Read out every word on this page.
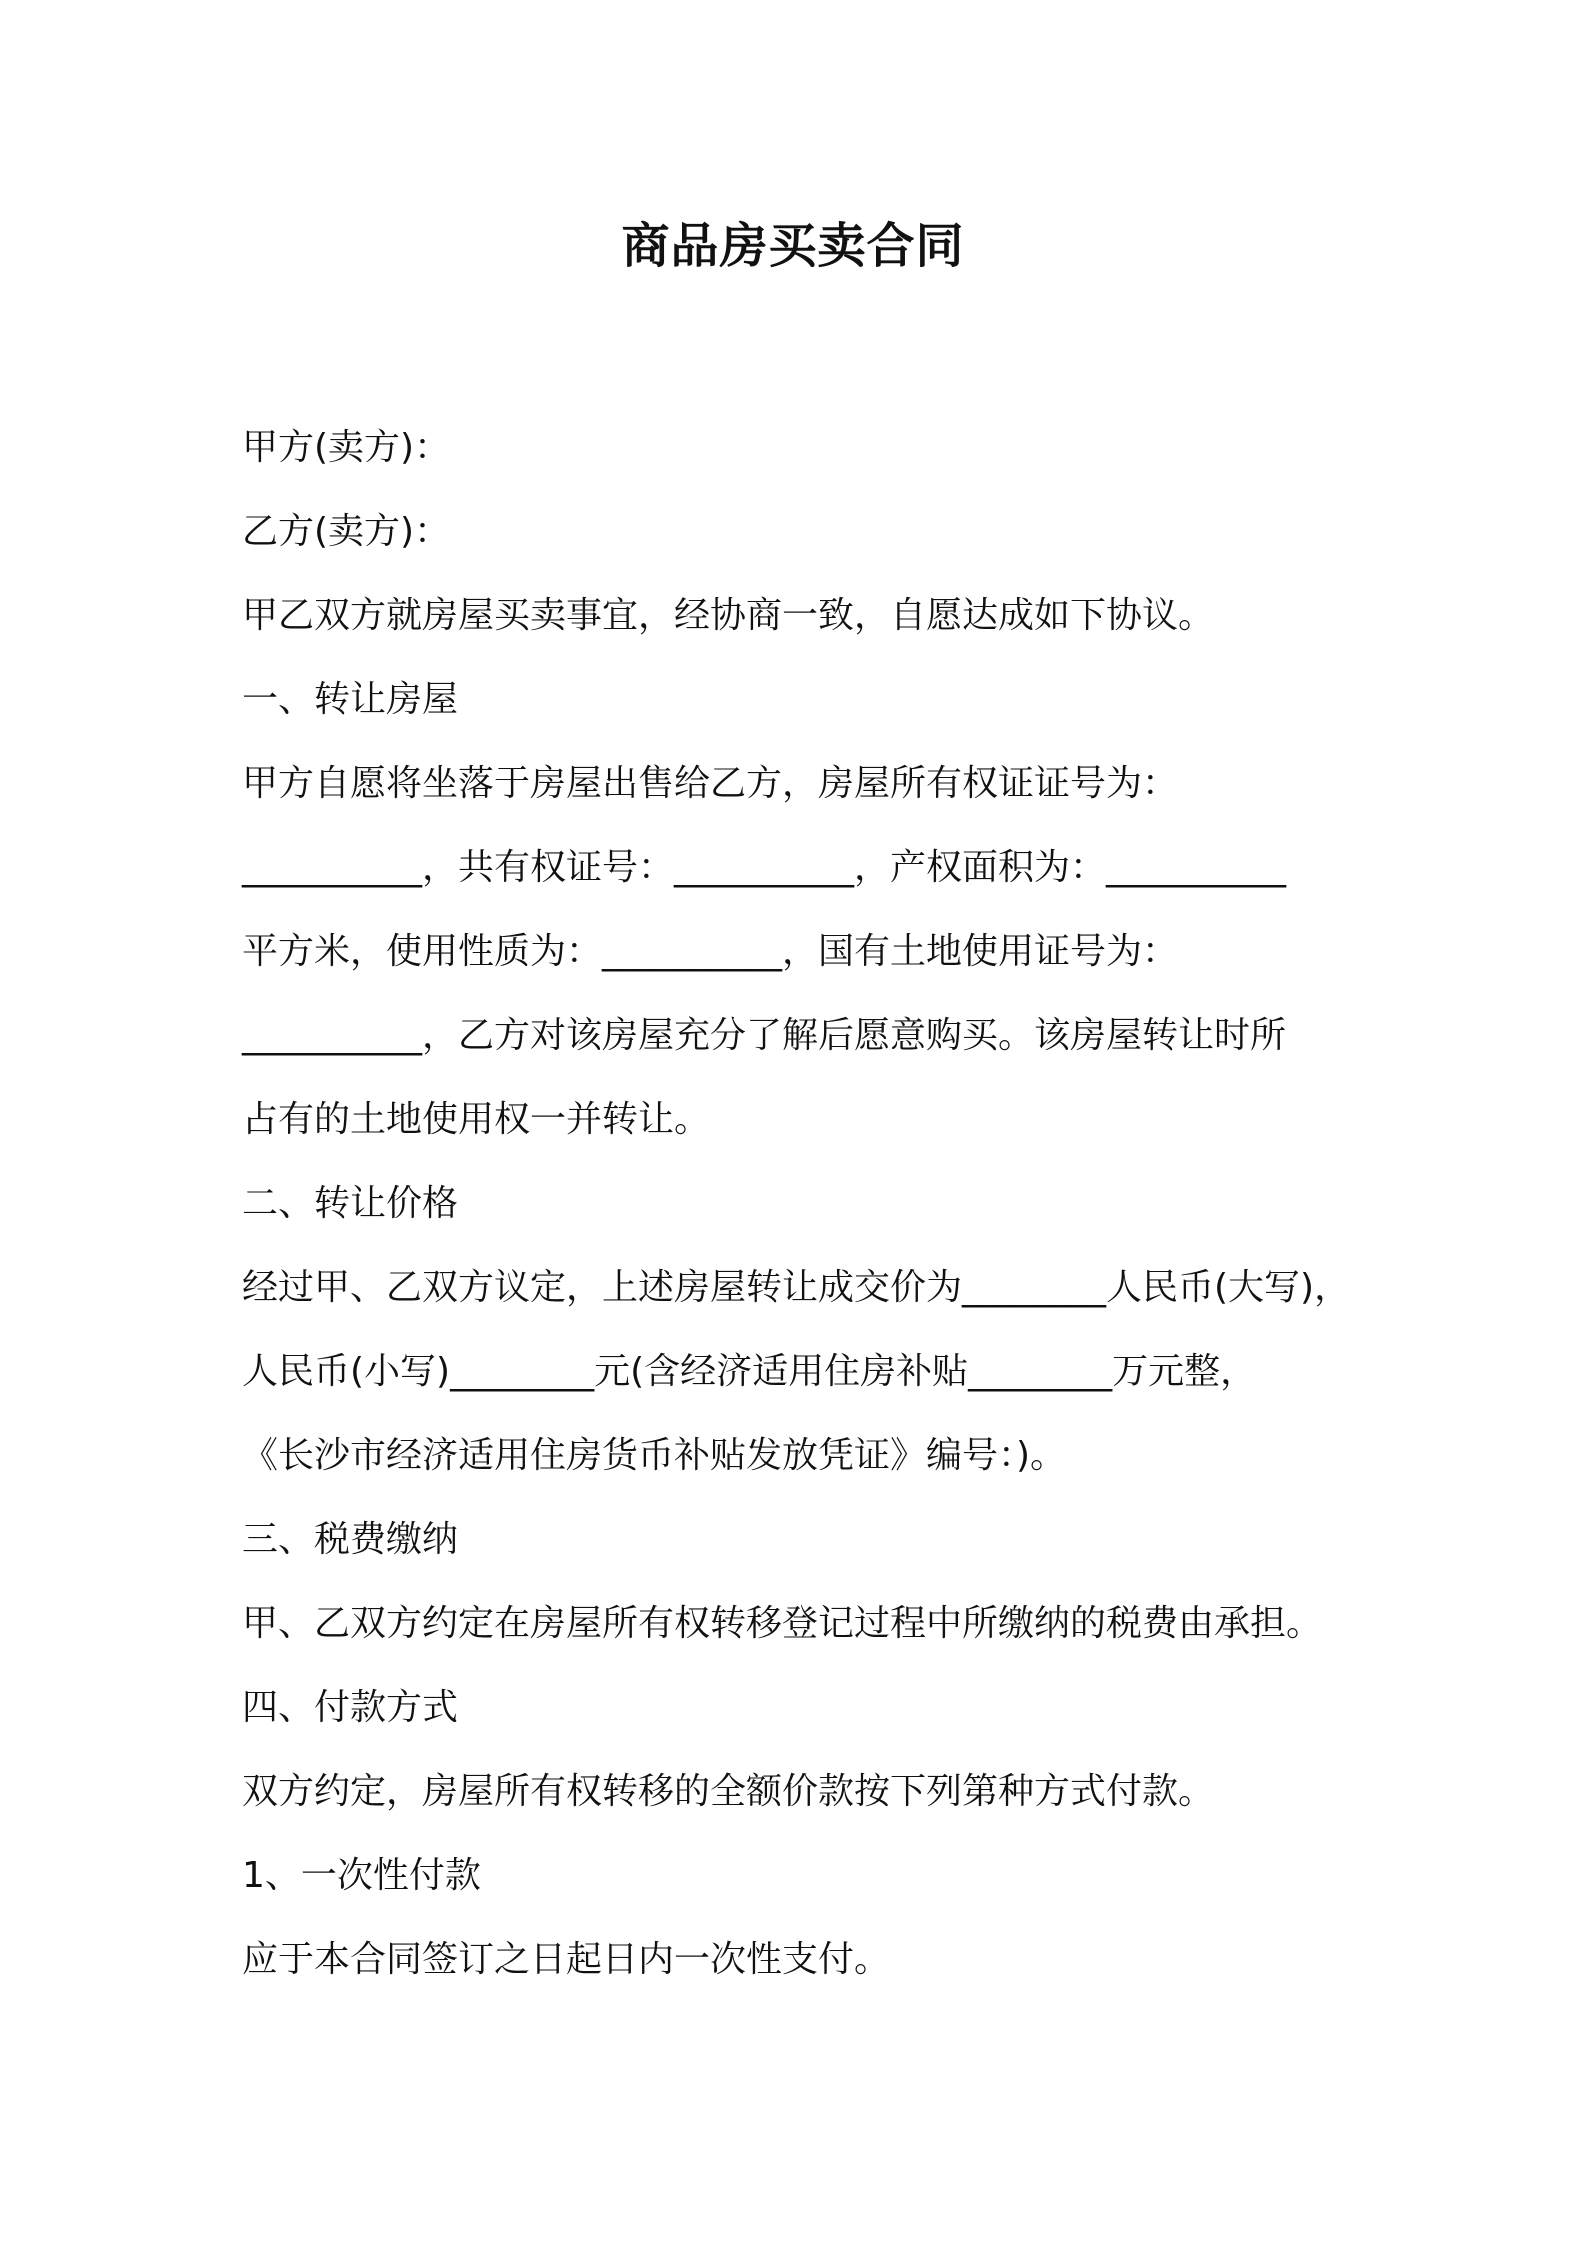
商品房买卖合同
甲方(卖方)：
乙方(卖方)：
甲乙双方就房屋买卖事宜，经协商一致，自愿达成如下协议。
一、转让房屋
甲方自愿将坐落于房屋出售给乙方，房屋所有权证证号为：
__________，共有权证号：__________，产权面积为：__________
平方米，使用性质为：__________，国有土地使用证号为：
__________，乙方对该房屋充分了解后愿意购买。该房屋转让时所
占有的土地使用权一并转让。
二、转让价格
经过甲、乙双方议定，上述房屋转让成交价为________人民币(大写)，
人民币(小写)________元(含经济适用住房补贴________万元整，
《长沙市经济适用住房货币补贴发放凭证》编号：)。
三、税费缴纳
甲、乙双方约定在房屋所有权转移登记过程中所缴纳的税费由承担。
四、付款方式
双方约定，房屋所有权转移的全额价款按下列第种方式付款。
1、一次性付款
应于本合同签订之日起日内一次性支付。
